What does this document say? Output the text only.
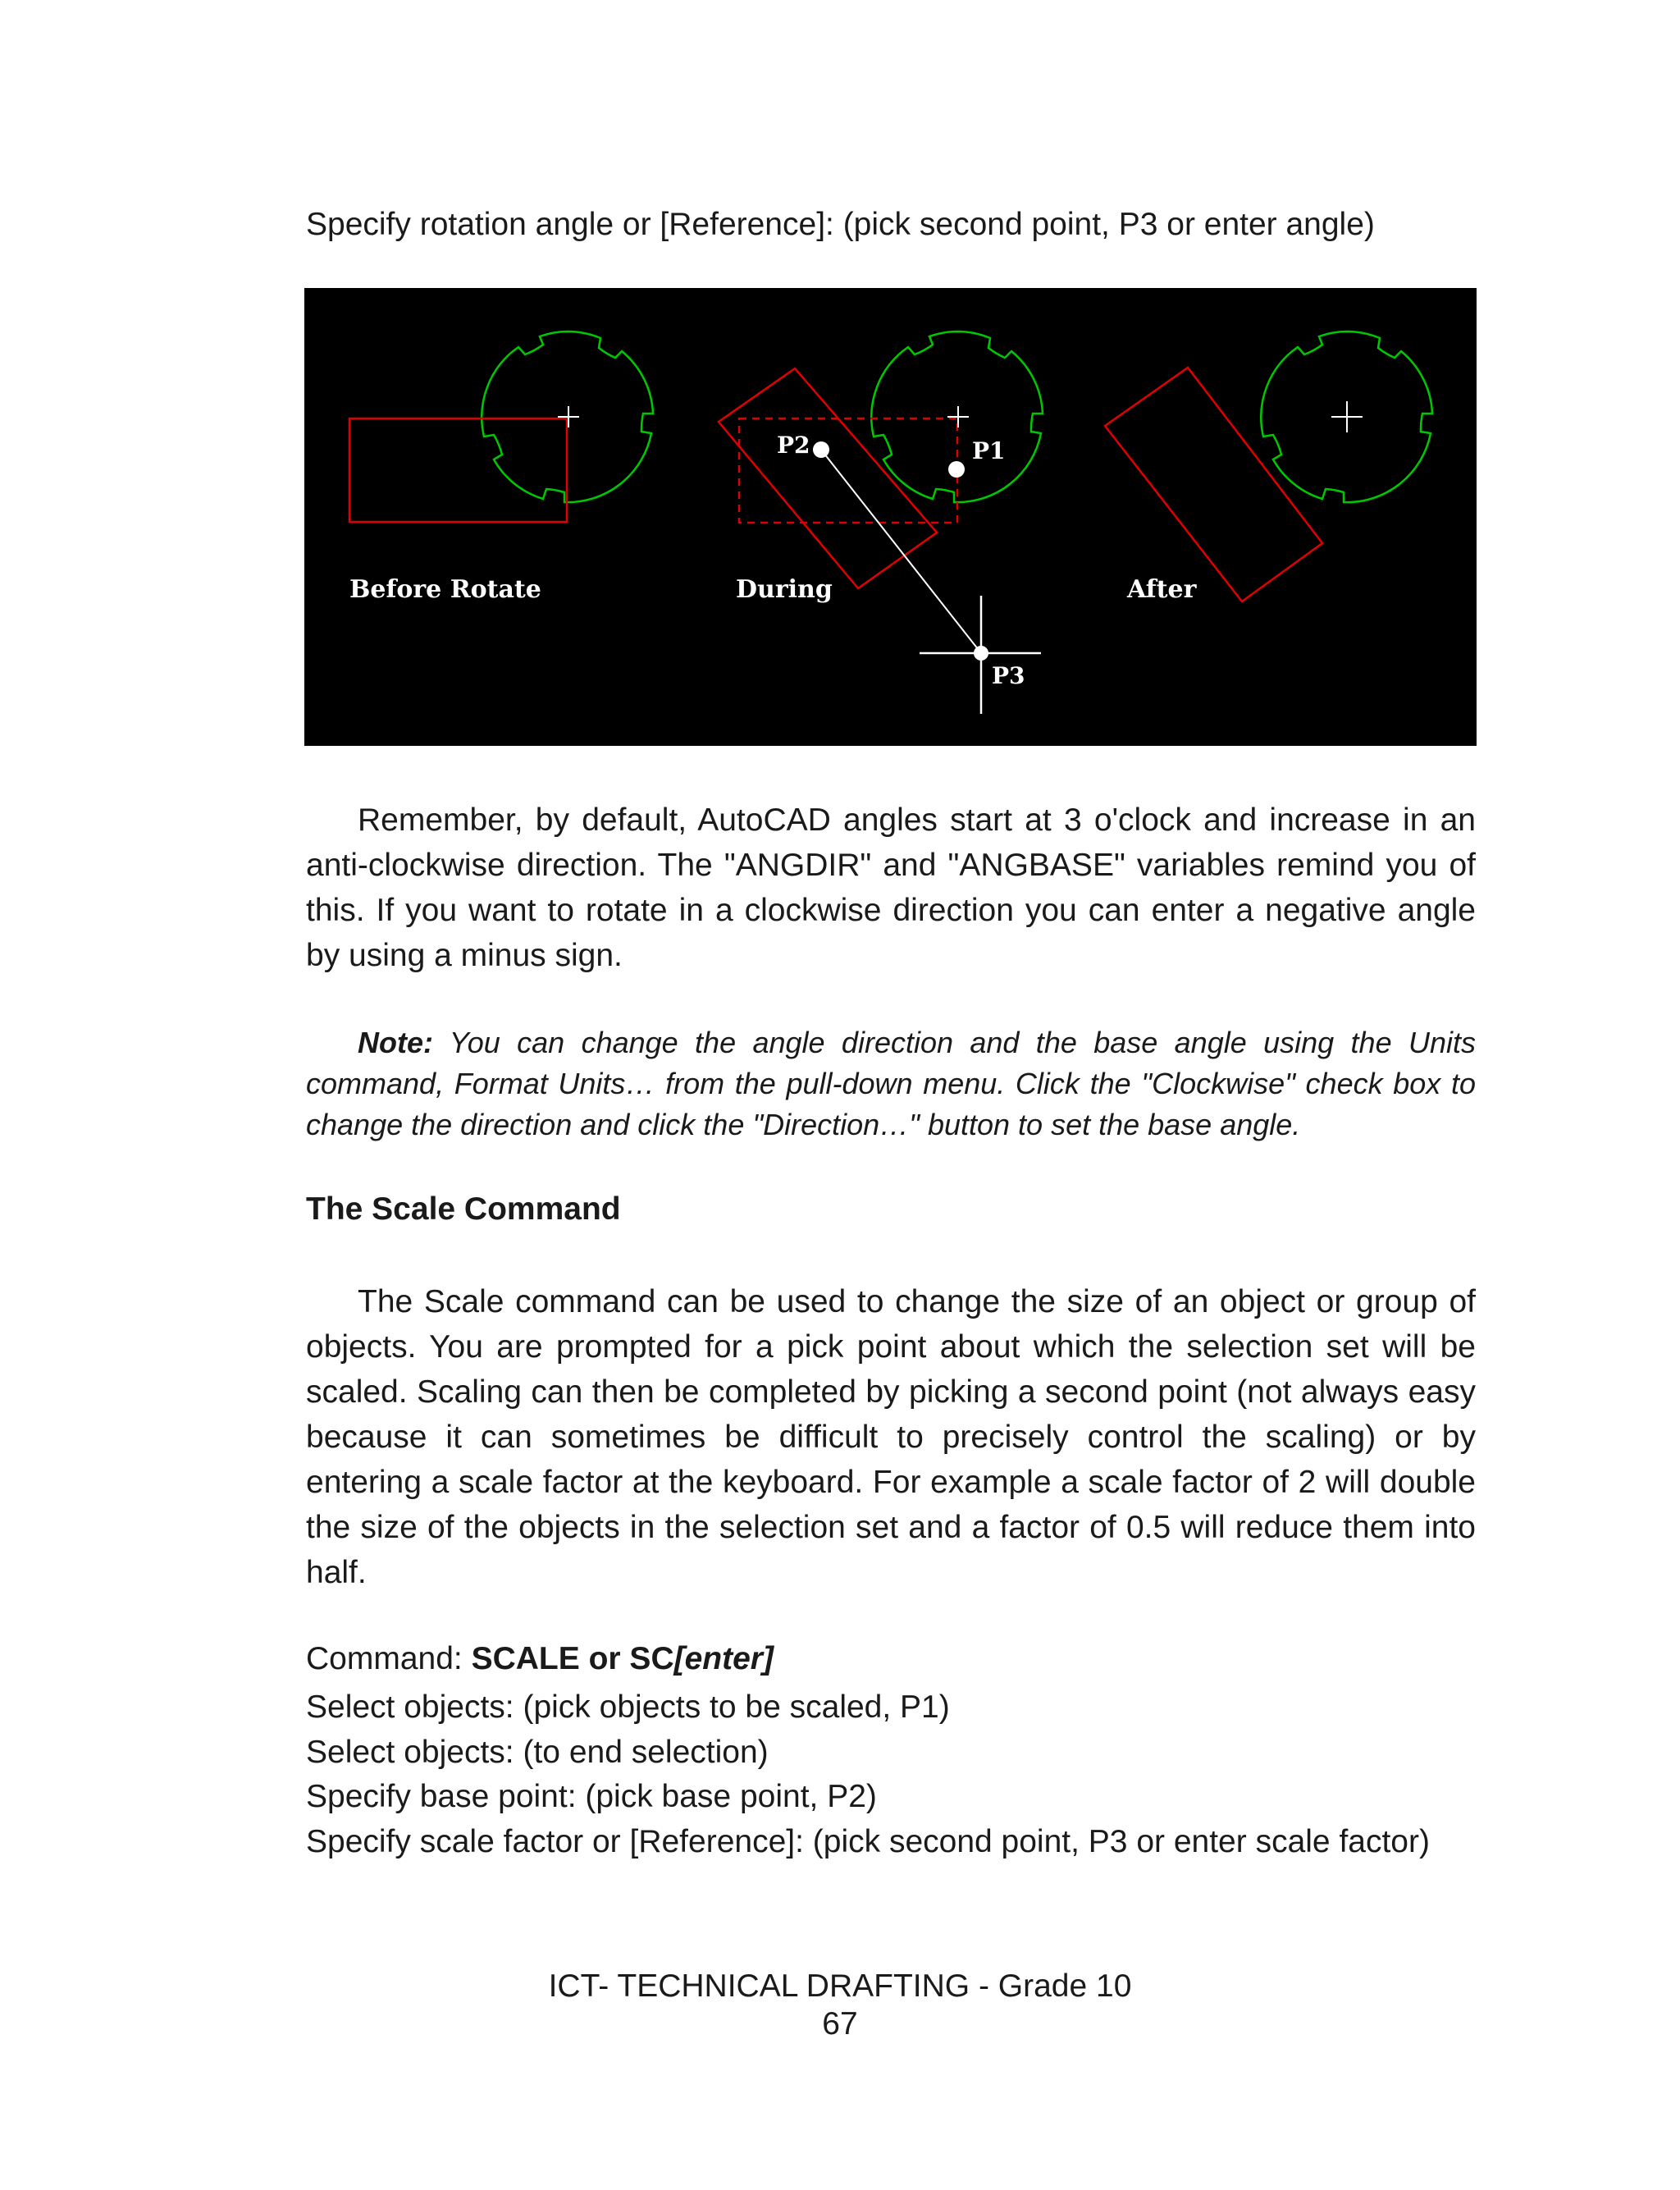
Specify rotation angle or [Reference]: (pick second point, P3 or enter angle)

Before Rotate
P2	P1
P3
During	After

Remember, by default, AutoCAD angles start at 3 o'clock and increase in an anti-clockwise direction. The "ANGDIR" and "ANGBASE" variables remind you of this. If you want to rotate in a clockwise direction you can enter a negative angle by using a minus sign.

Note: You can change the angle direction and the base angle using the Units command, Format Units… from the pull-down menu. Click the "Clockwise" check box to change the direction and click the "Direction…" button to set the base angle.

The Scale Command

The Scale command can be used to change the size of an object or group of objects. You are prompted for a pick point about which the selection set will be scaled. Scaling can then be completed by picking a second point (not always easy because it can sometimes be difficult to precisely control the scaling) or by entering a scale factor at the keyboard. For example a scale factor of 2 will double the size of the objects in the selection set and a factor of 0.5 will reduce them into half.

Command: SCALE or SC[enter]

Select objects: (pick objects to be scaled, P1)

Select objects: (to end selection)

Specify base point: (pick base point, P2)

Specify scale factor or [Reference]: (pick second point, P3 or enter scale factor)

ICT- TECHNICAL DRAFTING - Grade 10

67
